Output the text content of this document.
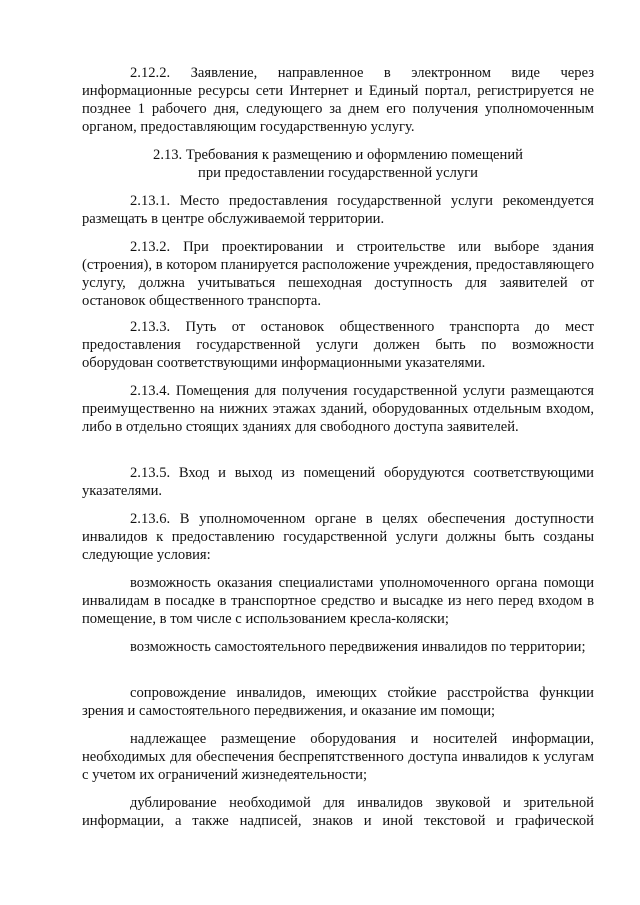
2.12.2. Заявление, направленное в электронном виде через информационные ресурсы сети Интернет и Единый портал, регистрируется не позднее 1 рабочего дня, следующего за днем его получения уполномоченным органом, предоставляющим государственную услугу.

2.13. Требования к размещению и оформлению помещений

при предоставлении государственной услуги

2.13.1. Место предоставления государственной услуги рекомендуется размещать в центре обслуживаемой территории.

2.13.2. При проектировании и строительстве или выборе здания (строения), в котором планируется расположение учреждения, предоставляющего услугу, должна учитываться пешеходная доступность для заявителей от остановок общественного транспорта.

2.13.3. Путь от остановок общественного транспорта до мест предоставления государственной услуги должен быть по возможности оборудован соответствующими информационными указателями.

2.13.4. Помещения для получения государственной услуги размещаются преимущественно на нижних этажах зданий, оборудованных отдельным входом, либо в отдельно стоящих зданиях для свободного доступа заявителей.

2.13.5. Вход и выход из помещений оборудуются соответствующими указателями.

2.13.6. В уполномоченном органе в целях обеспечения доступности инвалидов к предоставлению государственной услуги должны быть созданы следующие условия:

возможность оказания специалистами уполномоченного органа помощи инвалидам в посадке в транспортное средство и высадке из него перед входом в помещение, в том числе с использованием кресла-коляски;

возможность самостоятельного передвижения инвалидов по территории;

сопровождение инвалидов, имеющих стойкие расстройства функции зрения и самостоятельного передвижения, и оказание им помощи;

надлежащее размещение оборудования и носителей информации, необходимых для обеспечения беспрепятственного доступа инвалидов к услугам с учетом их ограничений жизнедеятельности;

дублирование необходимой для инвалидов звуковой и зрительной информации, а также надписей, знаков и иной текстовой и графической
